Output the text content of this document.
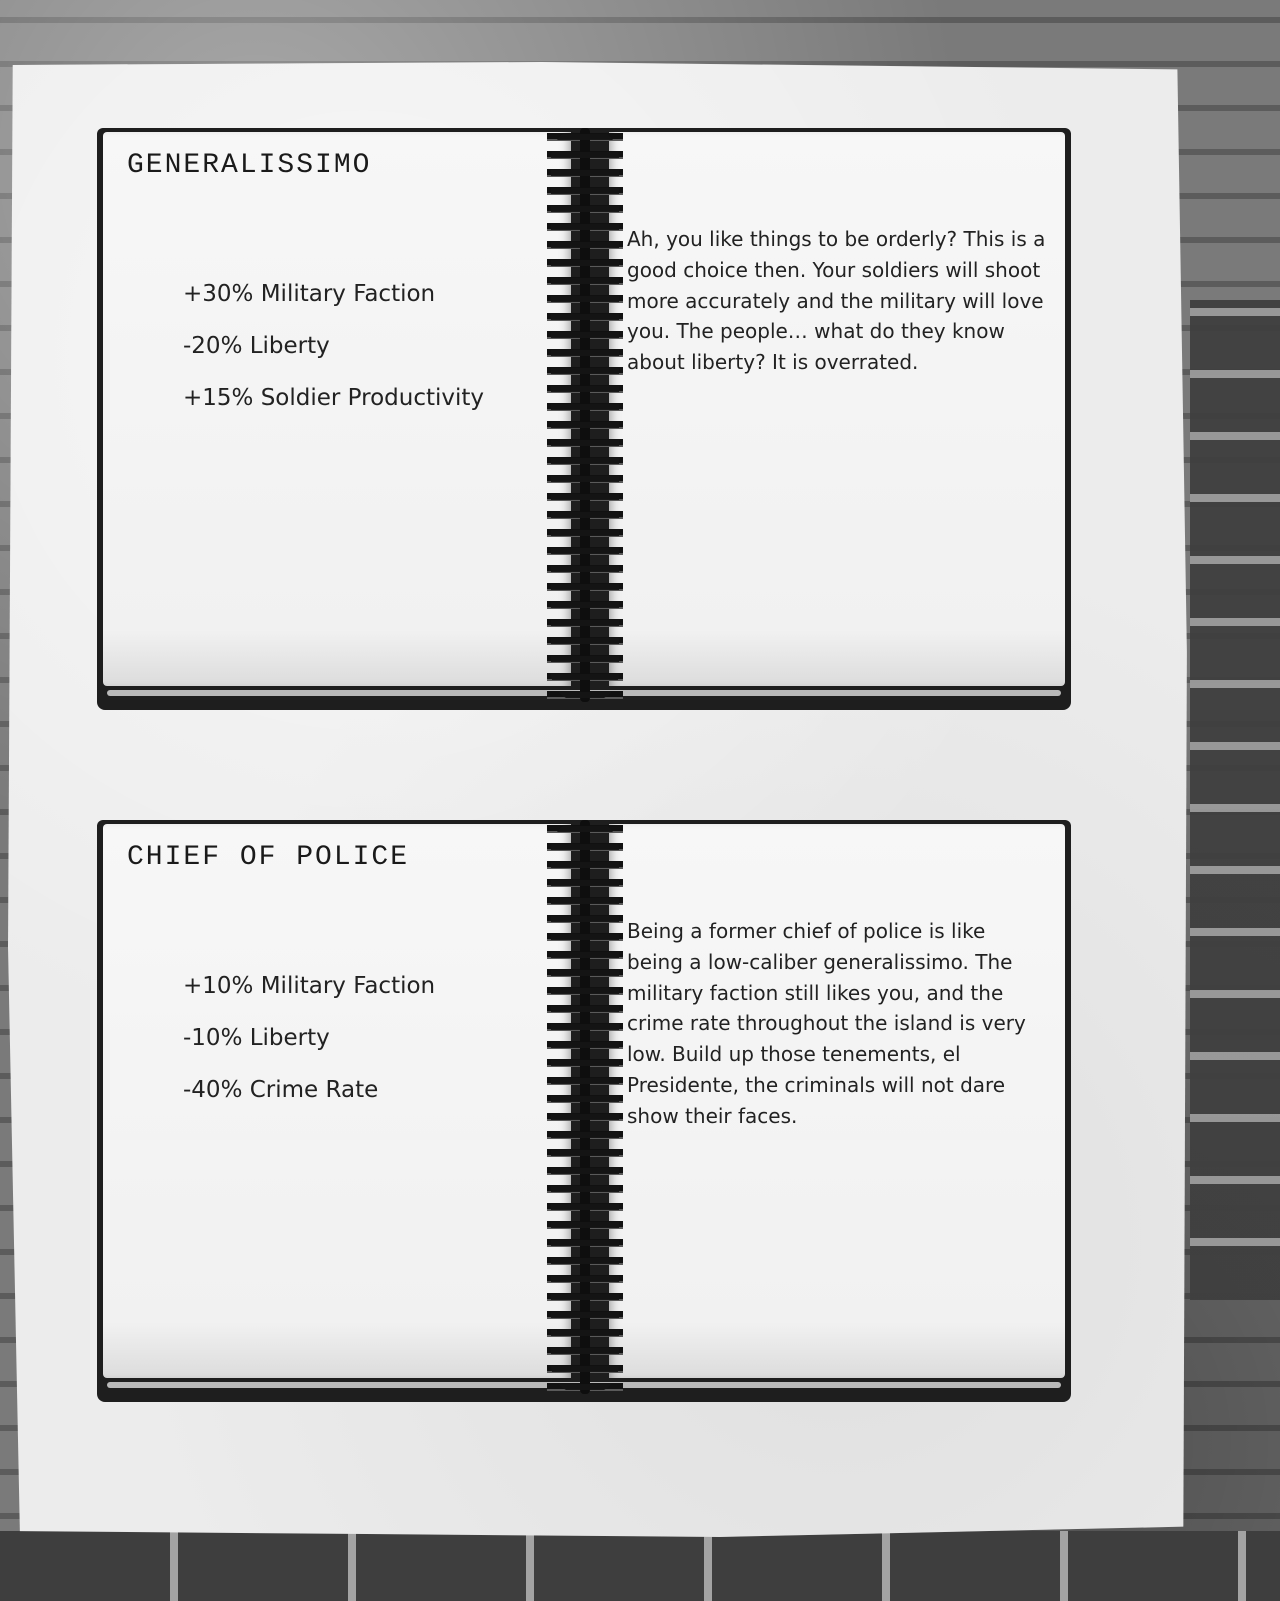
GENERALISSIMO
+30% Military Faction
-20% Liberty
+15% Soldier Productivity

Ah, you like things to be orderly? This is a good choice then. Your soldiers will shoot more accurately and the military will love you. The people… what do they know about liberty? It is overrated.

CHIEF OF POLICE
+10% Military Faction
-10% Liberty
-40% Crime Rate

Being a former chief of police is like being a low-caliber generalissimo. The military faction still likes you, and the crime rate throughout the island is very low. Build up those tenements, el Presidente, the criminals will not dare show their faces.
